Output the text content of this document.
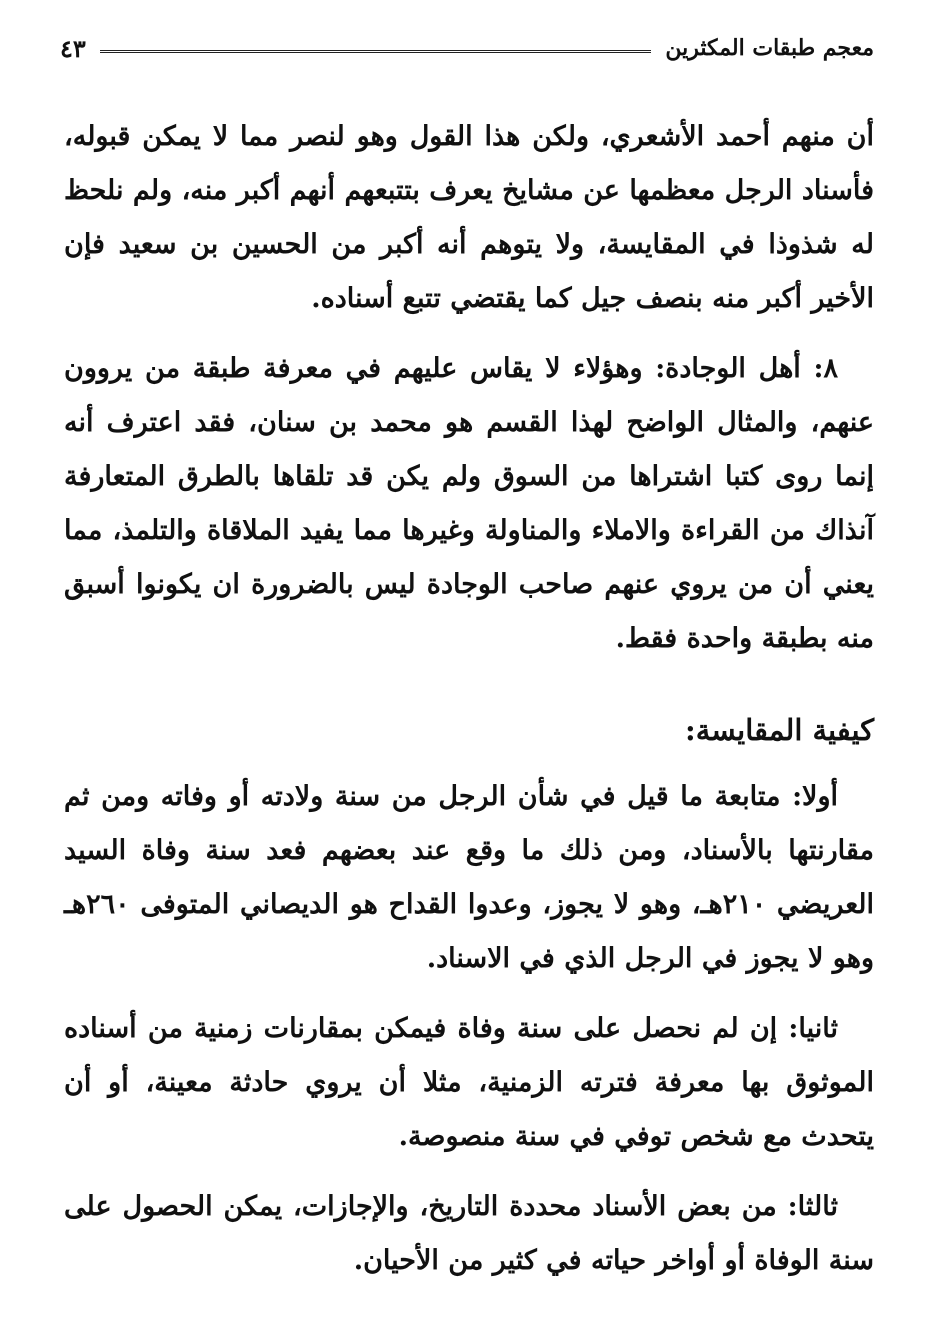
معجم طبقات المكثرين
٤٣

أن منهم أحمد الأشعري، ولكن هذا القول وهو لنصر مما لا يمكن قبوله، فأسناد الرجل معظمها عن مشايخ يعرف بتتبعهم أنهم أكبر منه، ولم نلحظ له شذوذا في المقايسة، ولا يتوهم أنه أكبر من الحسين بن سعيد فإن الأخير أكبر منه بنصف جيل كما يقتضي تتبع أسناده.

٨: أهل الوجادة: وهؤلاء لا يقاس عليهم في معرفة طبقة من يروون عنهم، والمثال الواضح لهذا القسم هو محمد بن سنان، فقد اعترف أنه إنما روى كتبا اشتراها من السوق ولم يكن قد تلقاها بالطرق المتعارفة آنذاك من القراءة والاملاء والمناولة وغيرها مما يفيد الملاقاة والتلمذ، مما يعني أن من يروي عنهم صاحب الوجادة ليس بالضرورة ان يكونوا أسبق منه بطبقة واحدة فقط.

كيفية المقايسة:

أولا: متابعة ما قيل في شأن الرجل من سنة ولادته أو وفاته ومن ثم مقارنتها بالأسناد، ومن ذلك ما وقع عند بعضهم فعد سنة وفاة السيد العريضي ٢١٠هـ، وهو لا يجوز، وعدوا القداح هو الديصاني المتوفى ٢٦٠هـ وهو لا يجوز في الرجل الذي في الاسناد.

ثانيا: إن لم نحصل على سنة وفاة فيمكن بمقارنات زمنية من أسناده الموثوق بها معرفة فترته الزمنية، مثلا أن يروي حادثة معينة، أو أن يتحدث مع شخص توفي في سنة منصوصة.

ثالثا: من بعض الأسناد محددة التاريخ، والإجازات، يمكن الحصول على سنة الوفاة أو أواخر حياته في كثير من الأحيان.
